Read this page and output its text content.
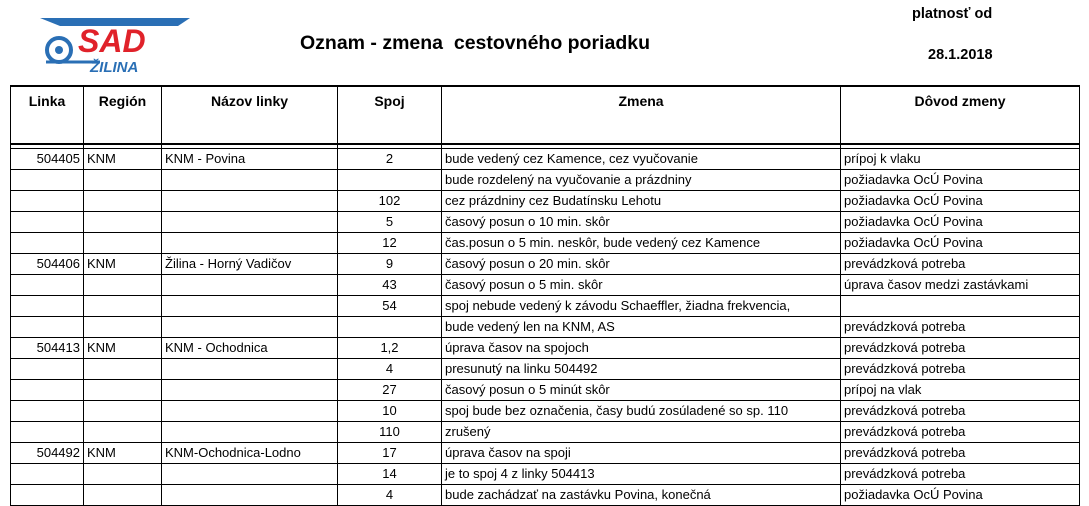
SAD
ŽILINA
Oznam - zmena  cestovného poriadku
platnosť od
28.1.2018
Linka	Región	Názov linky	Spoj	Zmena	Dôvod zmeny

504405	KNM	KNM - Povina	2	bude vedený cez Kamence, cez vyučovanie	prípoj k vlaku
				bude rozdelený na vyučovanie a prázdniny	požiadavka OcÚ Povina
			102	cez prázdniny cez Budatínsku Lehotu	požiadavka OcÚ Povina
			5	časový posun o 10 min. skôr	požiadavka OcÚ Povina
			12	čas.posun o 5 min. neskôr, bude vedený cez Kamence	požiadavka OcÚ Povina
504406	KNM	Žilina - Horný Vadičov	9	časový posun o 20 min. skôr	prevádzková potreba
			43	časový posun o 5 min. skôr	úprava časov medzi zastávkami
			54	spoj nebude vedený k závodu Schaeffler, žiadna frekvencia,	
				bude vedený len na KNM, AS	prevádzková potreba
504413	KNM	KNM - Ochodnica	1,2	úprava časov na spojoch	prevádzková potreba
			4	presunutý na linku 504492	prevádzková potreba
			27	časový posun o 5 minút skôr	prípoj na vlak
			10	spoj bude bez označenia, časy budú zosúladené so sp. 110	prevádzková potreba
			110	zrušený	prevádzková potreba
504492	KNM	KNM-Ochodnica-Lodno	17	úprava časov na spoji	prevádzková potreba
			14	je to spoj 4 z linky 504413	prevádzková potreba
			4	bude zachádzať na zastávku Povina, konečná	požiadavka OcÚ Povina
